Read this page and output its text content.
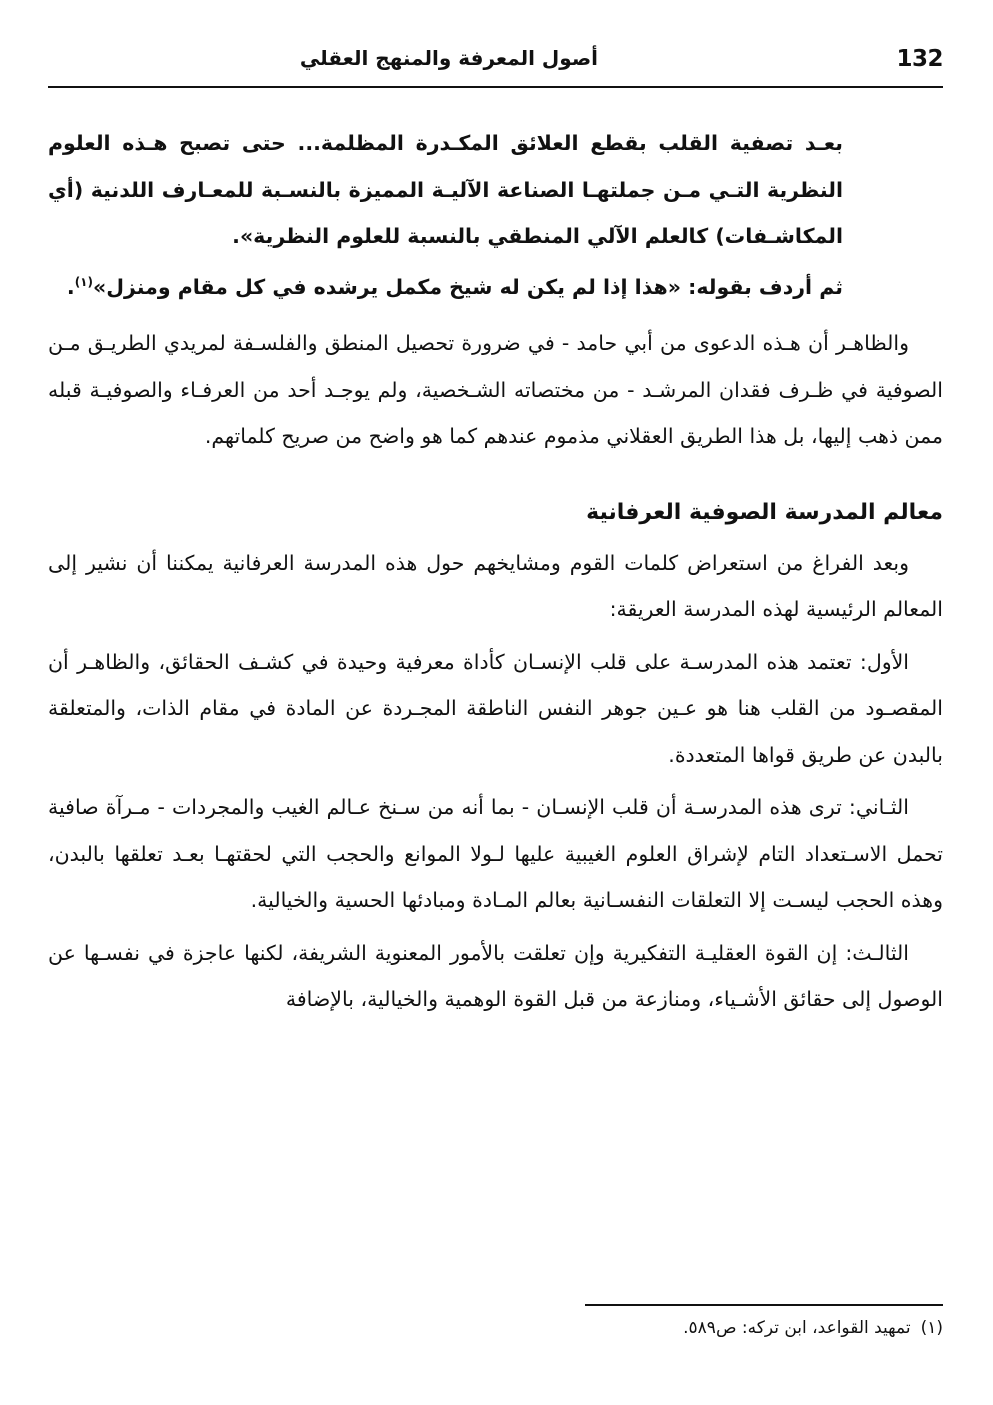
132
أصول المعرفة والمنهج العقلي

بعـد تصفية القلب بقطع العلائق المكـدرة المظلمة... حتى تصبح هـذه العلوم النظرية التـي مـن جملتهـا الصناعة الآليـة المميزة بالنسـبة للمعـارف اللدنية (أي المكاشـفات) كالعلم الآلي المنطقي بالنسبة للعلوم النظرية».

ثم أردف بقوله: «هذا إذا لم يكن له شيخ مكمل يرشده في كل مقام ومنزل»$^{(١)}$.

والظاهـر أن هـذه الدعوى من أبي حامد - في ضرورة تحصيل المنطق والفلسـفة لمريدي الطريـق مـن الصوفية في ظـرف فقدان المرشـد - من مختصاته الشـخصية، ولم يوجـد أحد من العرفـاء والصوفيـة قبله ممن ذهب إليها، بل هذا الطريق العقلاني مذموم عندهم كما هو واضح من صريح كلماتهم.

معالم المدرسة الصوفية العرفانية

وبعد الفراغ من استعراض كلمات القوم ومشايخهم حول هذه المدرسة العرفانية يمكننا أن نشير إلى المعالم الرئيسية لهذه المدرسة العريقة:

الأول: تعتمد هذه المدرسـة على قلب الإنسـان كأداة معرفية وحيدة في كشـف الحقائق، والظاهـر أن المقصـود من القلب هنا هو عـين جوهر النفس الناطقة المجـردة عن المادة في مقام الذات، والمتعلقة بالبدن عن طريق قواها المتعددة.

الثـاني: ترى هذه المدرسـة أن قلب الإنسـان - بما أنه من سـنخ عـالم الغيب والمجردات - مـرآة صافية تحمل الاسـتعداد التام لإشراق العلوم الغيبية عليها لـولا الموانع والحجب التي لحقتهـا بعـد تعلقها بالبدن، وهذه الحجب ليسـت إلا التعلقات النفسـانية بعالم المـادة ومبادئها الحسية والخيالية.

الثالـث: إن القوة العقليـة التفكيرية وإن تعلقت بالأمور المعنوية الشريفة، لكنها عاجزة في نفسـها عن الوصول إلى حقائق الأشـياء، ومنازعة من قبل القوة الوهمية والخيالية، بالإضافة

(١)تمهيد القواعد، ابن تركه: ص٥٨٩.
